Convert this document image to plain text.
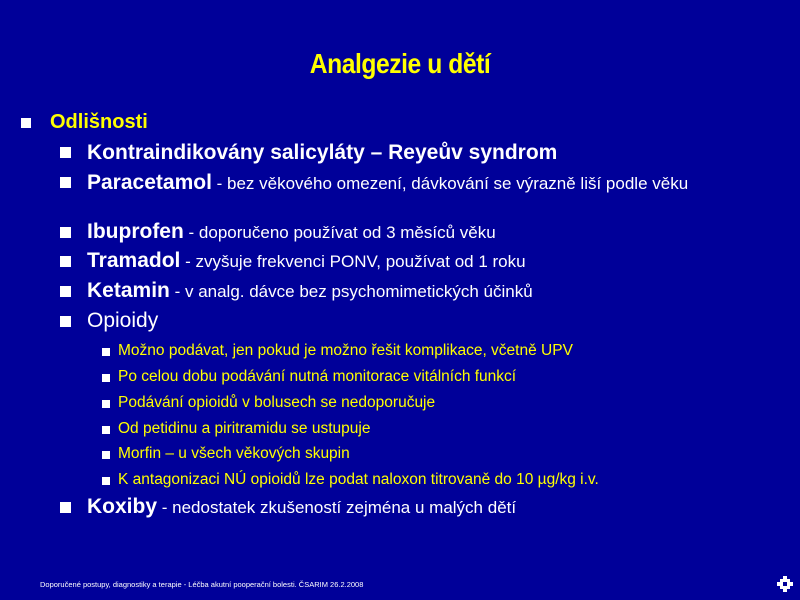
Analgezie u dětí
Odlišnosti
Kontraindikovány salicyláty – Reyeův syndrom
Paracetamol - bez věkového omezení, dávkování se výrazně liší podle věku
Ibuprofen - doporučeno používat od 3 měsíců věku
Tramadol - zvyšuje frekvenci PONV, používat od 1 roku
Ketamin - v analg. dávce bez psychomimetických účinků
Opioidy
Možno podávat, jen pokud je možno řešit komplikace, včetně UPV
Po celou dobu podávání nutná monitorace vitálních funkcí
Podávání opioidů v bolusech se nedoporučuje
Od petidinu a piritramidu se ustupuje
Morfin – u všech věkových skupin
K antagonizaci NÚ opioidů lze podat naloxon titrovaně do 10 µg/kg i.v.
Koxiby - nedostatek zkušeností zejména u malých dětí
Doporučené postupy, diagnostiky a terapie - Léčba akutní pooperační bolesti. ČSARIM 26.2.2008
